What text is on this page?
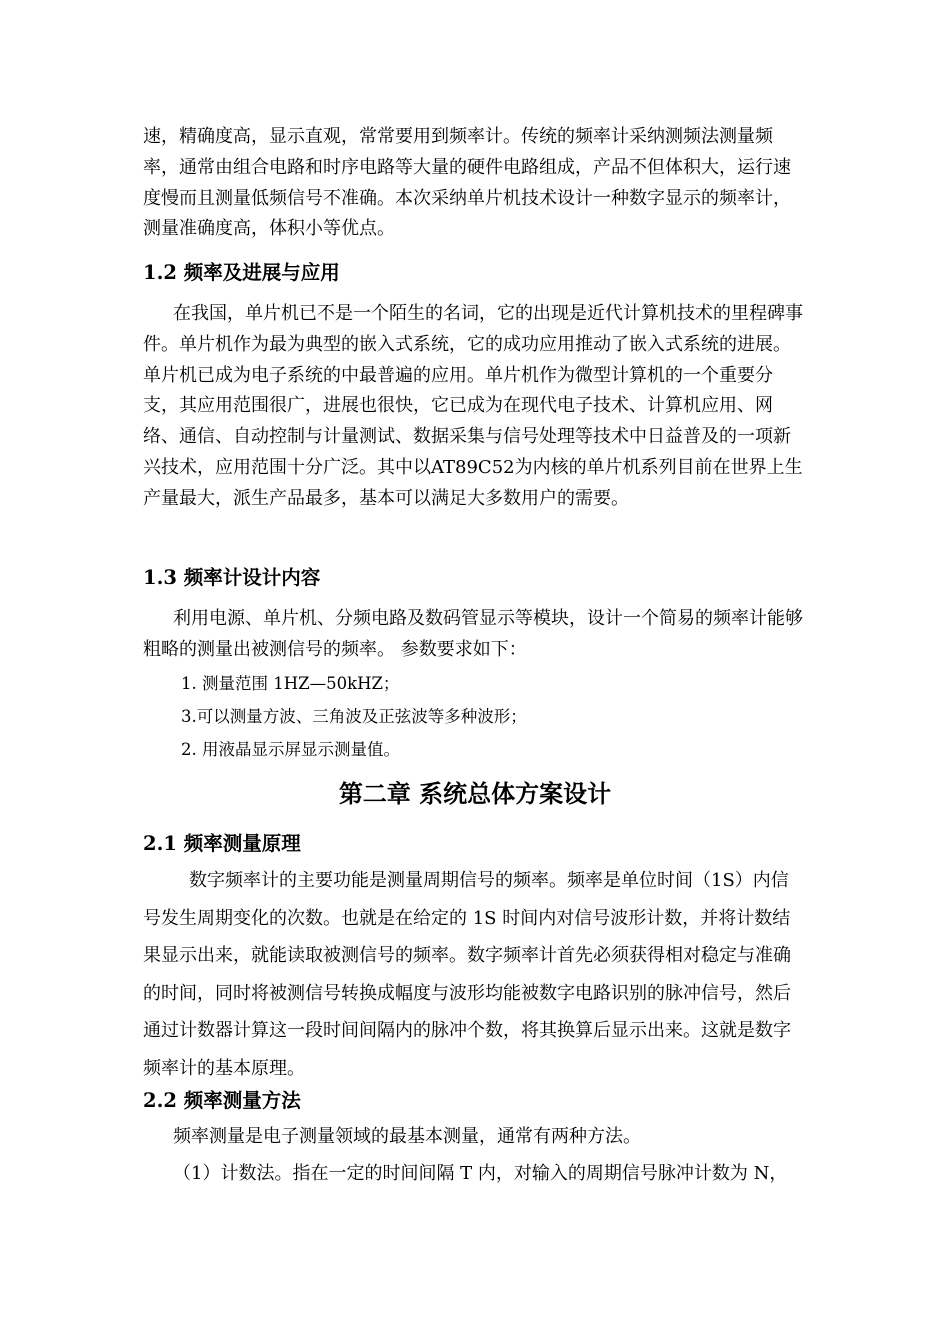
速，精确度高，显示直观，常常要用到频率计。传统的频率计采纳测频法测量频率，通常由组合电路和时序电路等大量的硬件电路组成，产品不但体积大，运行速度慢而且测量低频信号不准确。本次采纳单片机技术设计一种数字显示的频率计，测量准确度高，体积小等优点。

1.2 频率及进展与应用

在我国，单片机已不是一个陌生的名词，它的出现是近代计算机技术的里程碑事件。单片机作为最为典型的嵌入式系统，它的成功应用推动了嵌入式系统的进展。单片机已成为电子系统的中最普遍的应用。单片机作为微型计算机的一个重要分支，其应用范围很广，进展也很快，它已成为在现代电子技术、计算机应用、网络、通信、自动控制与计量测试、数据采集与信号处理等技术中日益普及的一项新兴技术，应用范围十分广泛。其中以AT89C52为内核的单片机系列目前在世界上生产量最大，派生产品最多，基本可以满足大多数用户的需要。

1.3 频率计设计内容

利用电源、单片机、分频电路及数码管显示等模块，设计一个简易的频率计能够粗略的测量出被测信号的频率。 参数要求如下：

1. 测量范围 1HZ—50kHZ；

3.可以测量方波、三角波及正弦波等多种波形；

2. 用液晶显示屏显示测量值。

第二章 系统总体方案设计
2.1 频率测量原理

数字频率计的主要功能是测量周期信号的频率。频率是单位时间（1S）内信号发生周期变化的次数。也就是在给定的 1S 时间内对信号波形计数，并将计数结果显示出来，就能读取被测信号的频率。数字频率计首先必须获得相对稳定与准确的时间，同时将被测信号转换成幅度与波形均能被数字电路识别的脉冲信号，然后通过计数器计算这一段时间间隔内的脉冲个数，将其换算后显示出来。这就是数字频率计的基本原理。

2.2 频率测量方法

频率测量是电子测量领域的最基本测量，通常有两种方法。

（1）计数法。指在一定的时间间隔 T 内，对输入的周期信号脉冲计数为 N，
